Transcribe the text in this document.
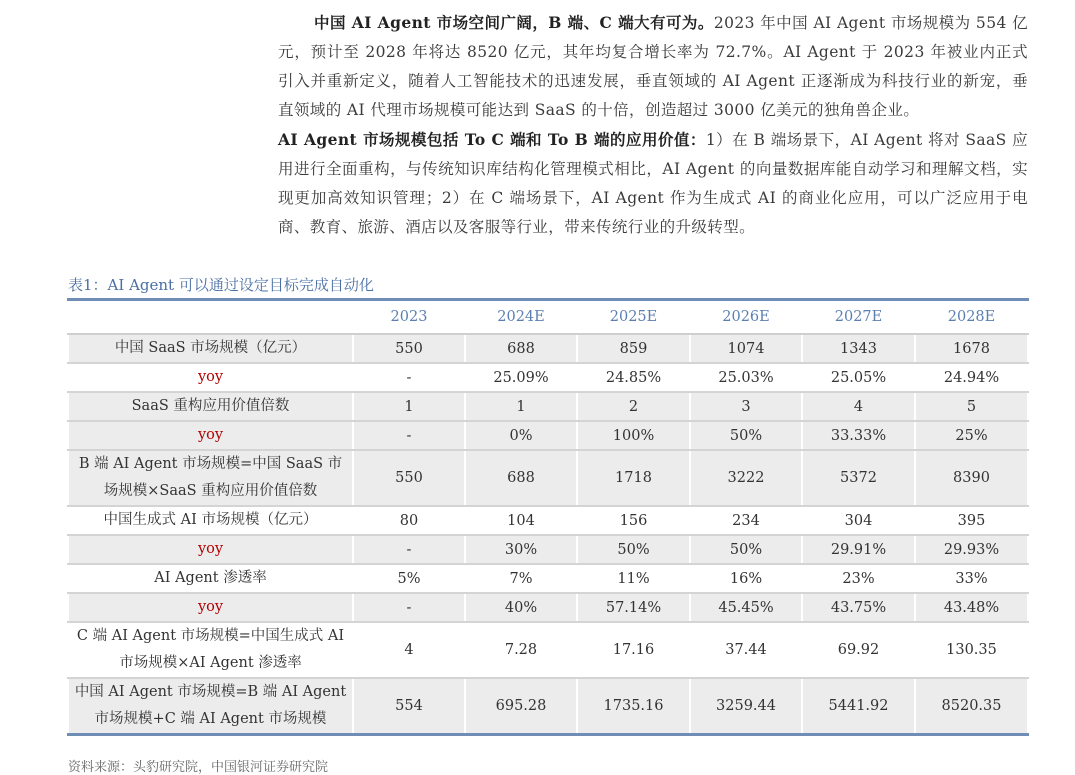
中国 AI Agent 市场空间广阔，B 端、C 端大有可为。2023 年中国 AI Agent 市场规模为 554 亿元，预计至 2028 年将达 8520 亿元，其年均复合增长率为 72.7%。AI Agent 于 2023 年被业内正式引入并重新定义，随着人工智能技术的迅速发展，垂直领域的 AI Agent 正逐渐成为科技行业的新宠，垂直领域的 AI 代理市场规模可能达到 SaaS 的十倍，创造超过 3000 亿美元的独角兽企业。

AI Agent 市场规模包括 To C 端和 To B 端的应用价值：1）在 B 端场景下，AI Agent 将对 SaaS 应用进行全面重构，与传统知识库结构化管理模式相比，AI Agent 的向量数据库能自动学习和理解文档，实现更加高效知识管理；2）在 C 端场景下，AI Agent 作为生成式 AI 的商业化应用，可以广泛应用于电商、教育、旅游、酒店以及客服等行业，带来传统行业的升级转型。

表1：AI Agent 可以通过设定目标完成自动化
	2023	2024E	2025E	2026E	2027E	2028E
中国 SaaS 市场规模（亿元）	550	688	859	1074	1343	1678
yoy	-	25.09%	24.85%	25.03%	25.05%	24.94%
SaaS 重构应用价值倍数	1	1	2	3	4	5
yoy	-	0%	100%	50%	33.33%	25%
B 端 AI Agent 市场规模=中国 SaaS 市场规模×SaaS 重构应用价值倍数	550	688	1718	3222	5372	8390
中国生成式 AI 市场规模（亿元）	80	104	156	234	304	395
yoy	-	30%	50%	50%	29.91%	29.93%
AI Agent 渗透率	5%	7%	11%	16%	23%	33%
yoy	-	40%	57.14%	45.45%	43.75%	43.48%
C 端 AI Agent 市场规模=中国生成式 AI 市场规模×AI Agent 渗透率	4	7.28	17.16	37.44	69.92	130.35
中国 AI Agent 市场规模=B 端 AI Agent 市场规模+C 端 AI Agent 市场规模	554	695.28	1735.16	3259.44	5441.92	8520.35
资料来源：头豹研究院，中国银河证券研究院
